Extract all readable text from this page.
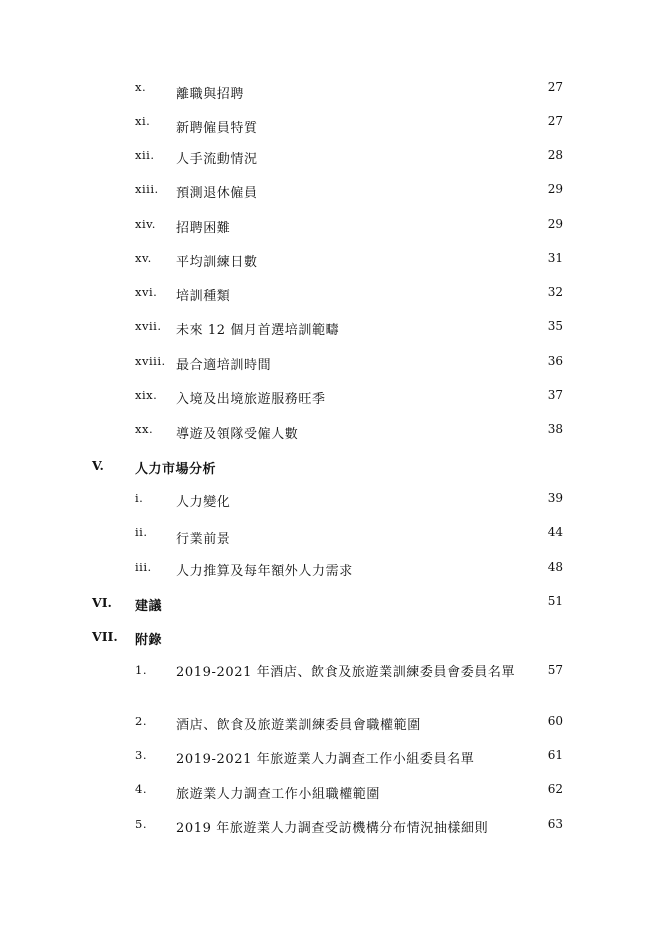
x. 離職與招聘	27
xi. 新聘僱員特質	27
xii. 人手流動情況	28
xiii. 預測退休僱員	29
xiv. 招聘困難	29
xv. 平均訓練日數	31
xvi. 培訓種類	32
xvii. 未來 12 個月首選培訓範疇	35
xviii. 最合適培訓時間	36
xix. 入境及出境旅遊服務旺季	37
xx. 導遊及領隊受僱人數	38
V. 人力市場分析
i.	人力變化	39
ii. 行業前景	44
iii. 人力推算及每年額外人力需求	48
VI. 建議	51
VII. 附錄
1. 2019-2021 年酒店、飲食及旅遊業訓練委員會委員名單	57
2. 酒店、飲食及旅遊業訓練委員會職權範圍	60
3. 2019-2021 年旅遊業人力調查工作小組委員名單	61
4. 旅遊業人力調查工作小組職權範圍	62
5. 2019 年旅遊業人力調查受訪機構分布情況抽樣細則	63
